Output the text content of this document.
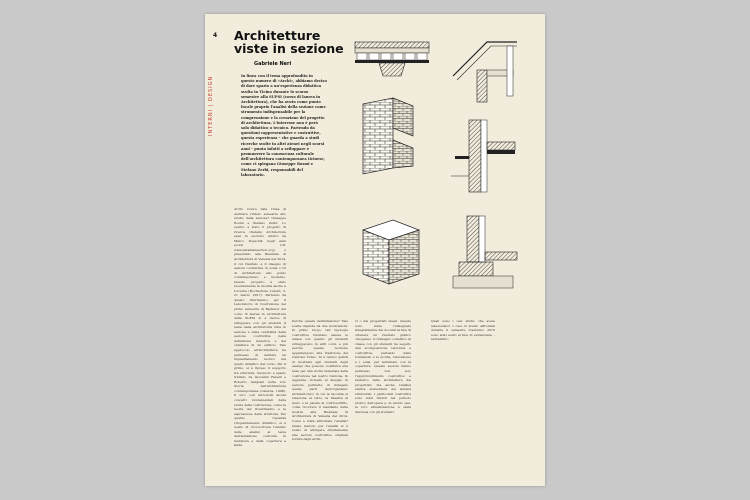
INTERNI | DESIGN
4 Architetture viste in sezione
Gabriele Neri

In linea con il tema approfondito in questo numero di «Archi», abbiamo deciso di dare spazio a un'esperienza didattica svolta in Ticino durante lo scorso semestre alla SUPSI (corso di laurea in Architettura), che ha avuto come punto focale proprio l'analisi della sezione come strumento indispensabile per la comprensione e la creazione del progetto di architettura. L'interesse non è però solo didattico o tecnico. Partendo da questioni rappresentative e costruttive, questa esperienza – che guarda a studi ricerche svolte in altri atenei negli scorsi anni – punta infatti a sviluppare e promuovere la conoscenza culturale dell'architettura contemporanea ticinese, come ci spiegano Giuseppe Rosmi e Stefano Zerbi, responsabili del laboratorio.

Archi: Com'è nata l'idea di dedicare l'intero semestre allo studio della sezione? Giuseppe Rosmi e Stefano Zerbi: Lo spunto è stato il progetto di ricerca «Details: Architecture seen in section» diretto da Marco Pogacnik negli anni scorsi (cfr. www.detailsinsection.org) e presentato alla Biennale di Architettura di Venezia nel 2014, il cui risultato è il disegno di sezioni costruttive in scala 1:10 di architetture alto punto contemporaneo e moderno. Questo progetto è stato recentemente in mostra anche a Lucerna (Hochschule Luzern, 3-21 marzo 2017). Partendo da questo riferimento, per il Laboratorio di Costruzione del primo semestre di Bachelor del corso di laurea in Architettura della SUPSI si è deciso di sviluppare con gli studenti il tema della architettura viste in sezione e della centralità della sezione costruttiva nella definizione materica e del carattere di un edificio. Tale approccio all'architettura ha permesso di definire un inquadramento teorico ma quello didattico del corso. Per il primo, si è ripreso il supporto tra struttura, involucro e spazio trattato da Giovanni Fanelli e Roberto Gargiani nella loro Storia dell'architettura contemporanea (Laterza, 1998). Il loro così introdotti alcuni concetti fondamentali della storia della costruzione, come la teoria del rivestimento e la espressione della struttura. Per quanto riguarda l'inquadramento didattico, si è scelto di circoscrivere l'ambito delle analisi al tema dell'abitazione costruita in muratura e della copertura a falda.

Perché questa delimitazione? Tale scelta dipende da due motivazioni. In primo luogo, tali tipologie costruttive risultano essere le stesse con quanto gli studenti sviluppavano in altri corsi, e più perché queste tecniche appartengono alla tradizione del Cantone Ticino. Si è tenuto quindi di mostrare agli studenti degli esempi che possono costituire una base per una storia materiale della costruzione nel nostro Cantone. In aggiunta, ricreare al disegno in sezione permette di indagare quelle parti dell'organismo architettonico in cui la facciata si relaziona al tetto, la finestra al muro e la parete al controsoffitto, come ricorrere il manifesto della mostra alla Biennale di Architettura di Venezia del 2014. Come è stata affrontata l'analisi? Quale metodo per l'analisi si è scelto di attingere direttamente alle sezioni costruttive originali fornite dagli archi-

vi o dai progettisti stessi. Queste sono state ridisegnate integralmente dai docenti al fine di ottenere un risultato grafico omogeneo. Il ridisegno collettivo in classe con gli studenti ha seguito una scomposizione tettonica e costruttiva, partendo dalle fondazioni e le novità, l'elevazione e i solai, per terminare con la copertura. Queste sezioni hanno permesso non solo l'approfondimento costruttivo e materico delle architetture dei progettisti, ma anche l'analisi statica elementare dei sistemi strutturali. I particolari costruttivi sono stati ritratti nel periodo storico dell'opera e, in alcuni casi, la loro attualizzazione è stata discussa con gli studenti.

Quali sono i casi studio che avete selezionato? I casi di studio affrontati durante il semestre d'autunno 2016 sono stati scelti al fine di evidenziare – nell'ambito
